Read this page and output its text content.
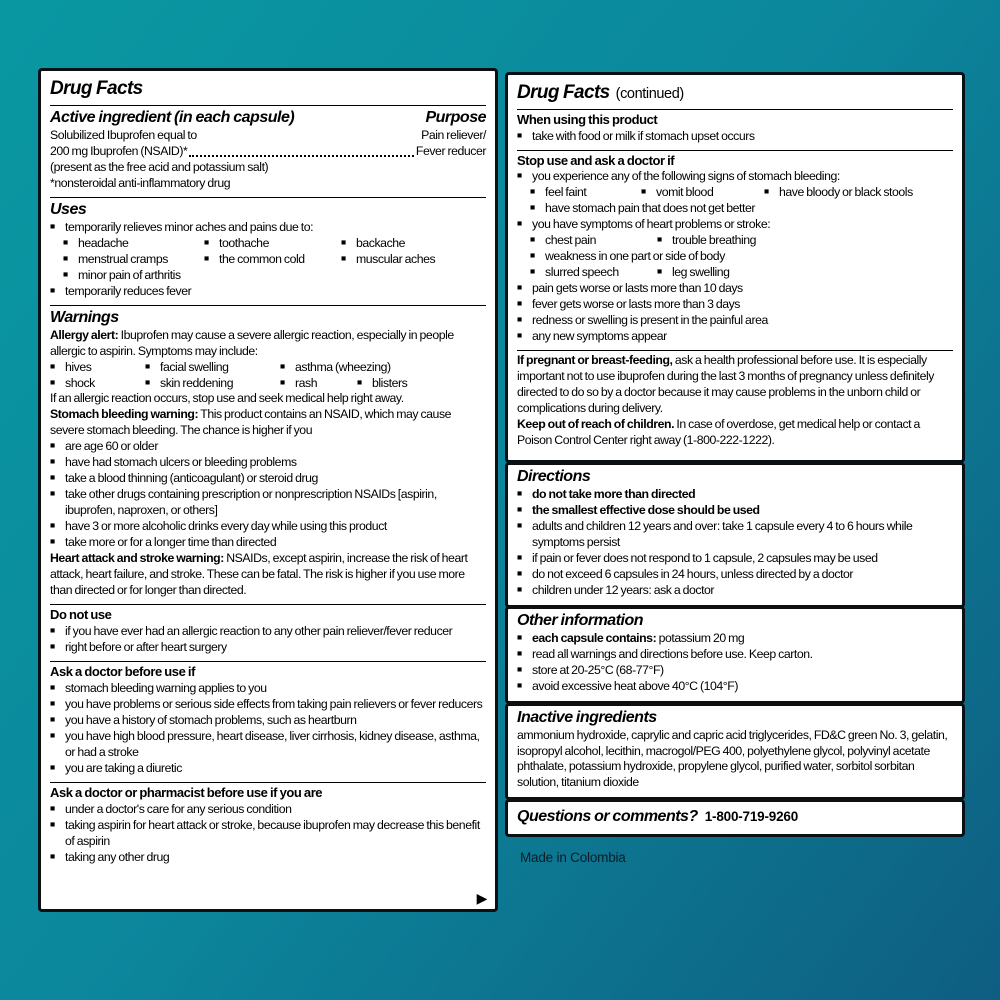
Drug Facts
Active ingredient (in each capsule)	Purpose
Solubilized Ibuprofen equal to	Pain reliever/
200 mg Ibuprofen (NSAID)*	Fever reducer
(present as the free acid and potassium salt)
*nonsteroidal anti-inflammatory drug
Uses
■ temporarily relieves minor aches and pains due to:
■ headache	■ toothache	■ backache
■ menstrual cramps	■ the common cold	■ muscular aches
■ minor pain of arthritis
■ temporarily reduces fever
Warnings
Allergy alert: Ibuprofen may cause a severe allergic reaction, especially in people allergic to aspirin. Symptoms may include:
■ hives	■ facial swelling	■ asthma (wheezing)
■ shock	■ skin reddening	■ rash	■ blisters
If an allergic reaction occurs, stop use and seek medical help right away.
Stomach bleeding warning: This product contains an NSAID, which may cause severe stomach bleeding. The chance is higher if you
■ are age 60 or older
■ have had stomach ulcers or bleeding problems
■ take a blood thinning (anticoagulant) or steroid drug
■ take other drugs containing prescription or nonprescription NSAIDs [aspirin, ibuprofen, naproxen, or others]
■ have 3 or more alcoholic drinks every day while using this product
■ take more or for a longer time than directed
Heart attack and stroke warning: NSAIDs, except aspirin, increase the risk of heart attack, heart failure, and stroke. These can be fatal. The risk is higher if you use more than directed or for longer than directed.
Do not use
■ if you have ever had an allergic reaction to any other pain reliever/fever reducer
■ right before or after heart surgery
Ask a doctor before use if
■ stomach bleeding warning applies to you
■ you have problems or serious side effects from taking pain relievers or fever reducers
■ you have a history of stomach problems, such as heartburn
■ you have high blood pressure, heart disease, liver cirrhosis, kidney disease, asthma, or had a stroke
■ you are taking a diuretic
Ask a doctor or pharmacist before use if you are
■ under a doctor's care for any serious condition
■ taking aspirin for heart attack or stroke, because ibuprofen may decrease this benefit of aspirin
■ taking any other drug
▶
Drug Facts (continued)
When using this product
■ take with food or milk if stomach upset occurs
Stop use and ask a doctor if
■ you experience any of the following signs of stomach bleeding:
■ feel faint	■ vomit blood	■ have bloody or black stools
■ have stomach pain that does not get better
■ you have symptoms of heart problems or stroke:
■ chest pain	■ trouble breathing
■ weakness in one part or side of body
■ slurred speech	■ leg swelling
■ pain gets worse or lasts more than 10 days
■ fever gets worse or lasts more than 3 days
■ redness or swelling is present in the painful area
■ any new symptoms appear
If pregnant or breast-feeding, ask a health professional before use. It is especially important not to use ibuprofen during the last 3 months of pregnancy unless definitely directed to do so by a doctor because it may cause problems in the unborn child or complications during delivery.
Keep out of reach of children. In case of overdose, get medical help or contact a Poison Control Center right away (1-800-222-1222).
Directions
■ do not take more than directed
■ the smallest effective dose should be used
■ adults and children 12 years and over: take 1 capsule every 4 to 6 hours while symptoms persist
■ if pain or fever does not respond to 1 capsule, 2 capsules may be used
■ do not exceed 6 capsules in 24 hours, unless directed by a doctor
■ children under 12 years: ask a doctor
Other information
■ each capsule contains: potassium 20 mg
■ read all warnings and directions before use. Keep carton.
■ store at 20-25°C (68-77°F)
■ avoid excessive heat above 40°C (104°F)
Inactive ingredients
ammonium hydroxide, caprylic and capric acid triglycerides, FD&C green No. 3, gelatin, isopropyl alcohol, lecithin, macrogol/PEG 400, polyethylene glycol, polyvinyl acetate phthalate, potassium hydroxide, propylene glycol, purified water, sorbitol sorbitan solution, titanium dioxide
Questions or comments? 1-800-719-9260
Made in Colombia
